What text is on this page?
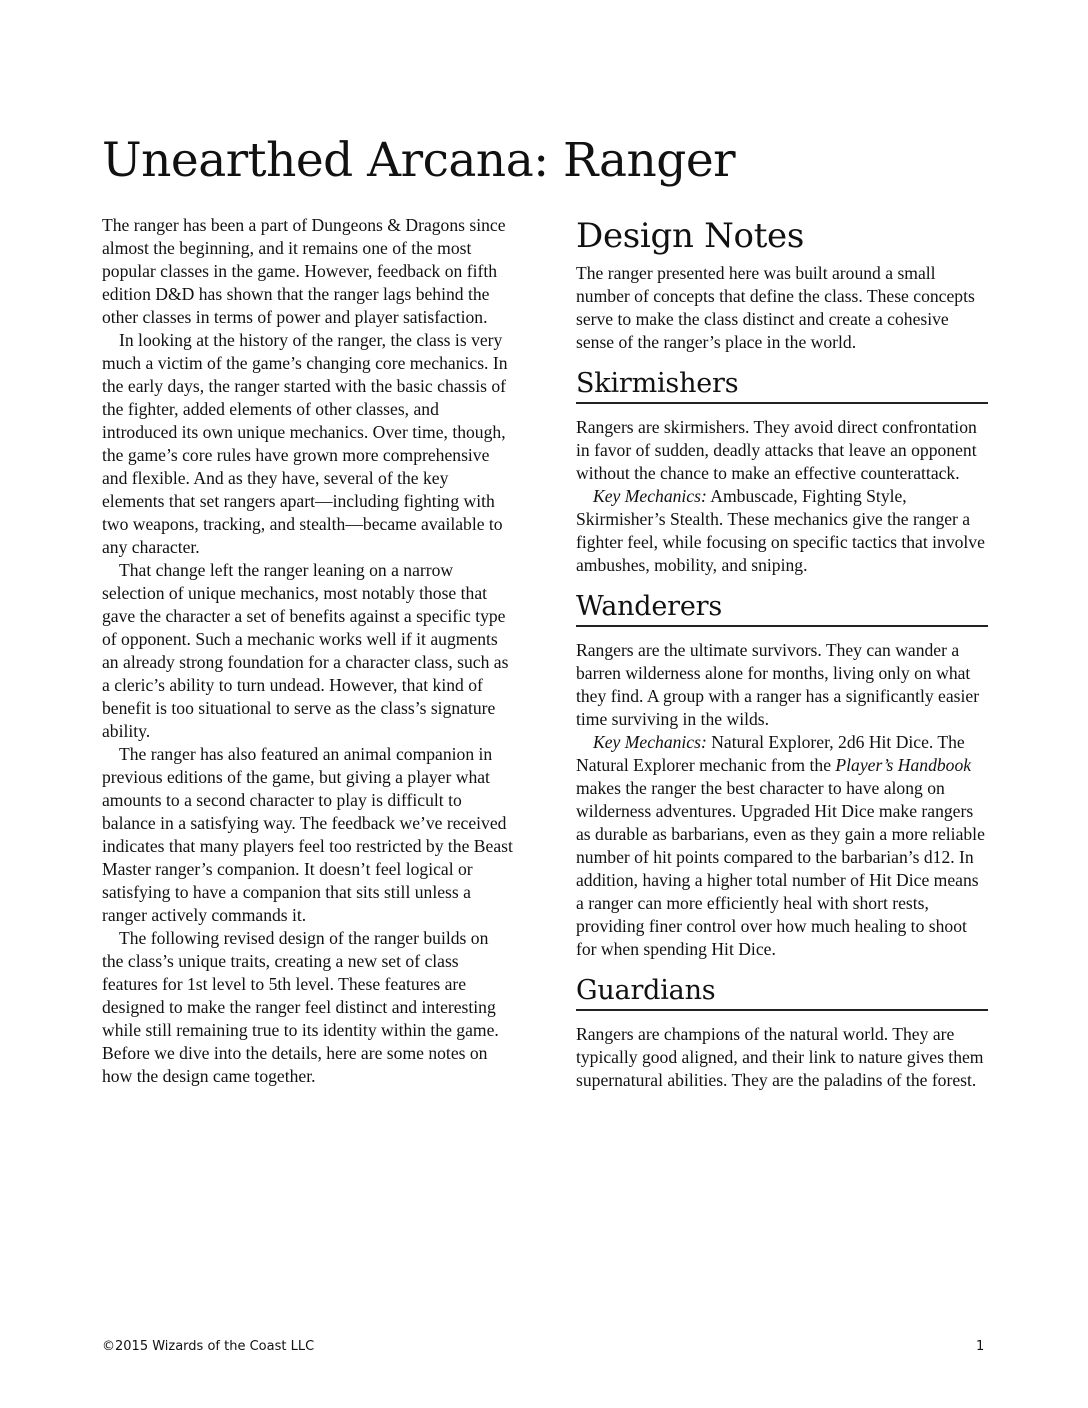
Unearthed Arcana: Ranger

The ranger has been a part of Dungeons & Dragons since almost the beginning, and it remains one of the most popular classes in the game. However, feedback on fifth edition D&D has shown that the ranger lags behind the other classes in terms of power and player satisfaction.

In looking at the history of the ranger, the class is very much a victim of the game’s changing core mechanics. In the early days, the ranger started with the basic chassis of the fighter, added elements of other classes, and introduced its own unique mechanics. Over time, though, the game’s core rules have grown more comprehensive and flexible. And as they have, several of the key elements that set rangers apart—including fighting with two weapons, tracking, and stealth—became available to any character.

That change left the ranger leaning on a narrow selection of unique mechanics, most notably those that gave the character a set of benefits against a specific type of opponent. Such a mechanic works well if it augments an already strong foundation for a character class, such as a cleric’s ability to turn undead. However, that kind of benefit is too situational to serve as the class’s signature ability.

The ranger has also featured an animal companion in previous editions of the game, but giving a player what amounts to a second character to play is difficult to balance in a satisfying way. The feedback we’ve received indicates that many players feel too restricted by the Beast Master ranger’s companion. It doesn’t feel logical or satisfying to have a companion that sits still unless a ranger actively commands it.

The following revised design of the ranger builds on the class’s unique traits, creating a new set of class features for 1st level to 5th level. These features are designed to make the ranger feel distinct and interesting while still remaining true to its identity within the game. Before we dive into the details, here are some notes on how the design came together.

Design Notes

The ranger presented here was built around a small number of concepts that define the class. These concepts serve to make the class distinct and create a cohesive sense of the ranger’s place in the world.

Skirmishers

Rangers are skirmishers. They avoid direct confrontation in favor of sudden, deadly attacks that leave an opponent without the chance to make an effective counterattack.

Key Mechanics: Ambuscade, Fighting Style, Skirmisher’s Stealth. These mechanics give the ranger a fighter feel, while focusing on specific tactics that involve ambushes, mobility, and sniping.

Wanderers

Rangers are the ultimate survivors. They can wander a barren wilderness alone for months, living only on what they find. A group with a ranger has a significantly easier time surviving in the wilds.

Key Mechanics: Natural Explorer, 2d6 Hit Dice. The Natural Explorer mechanic from the Player’s Handbook makes the ranger the best character to have along on wilderness adventures. Upgraded Hit Dice make rangers as durable as barbarians, even as they gain a more reliable number of hit points compared to the barbarian’s d12. In addition, having a higher total number of Hit Dice means a ranger can more efficiently heal with short rests, providing finer control over how much healing to shoot for when spending Hit Dice.

Guardians

Rangers are champions of the natural world. They are typically good aligned, and their link to nature gives them supernatural abilities. They are the paladins of the forest.

©2015 Wizards of the Coast LLC	1
